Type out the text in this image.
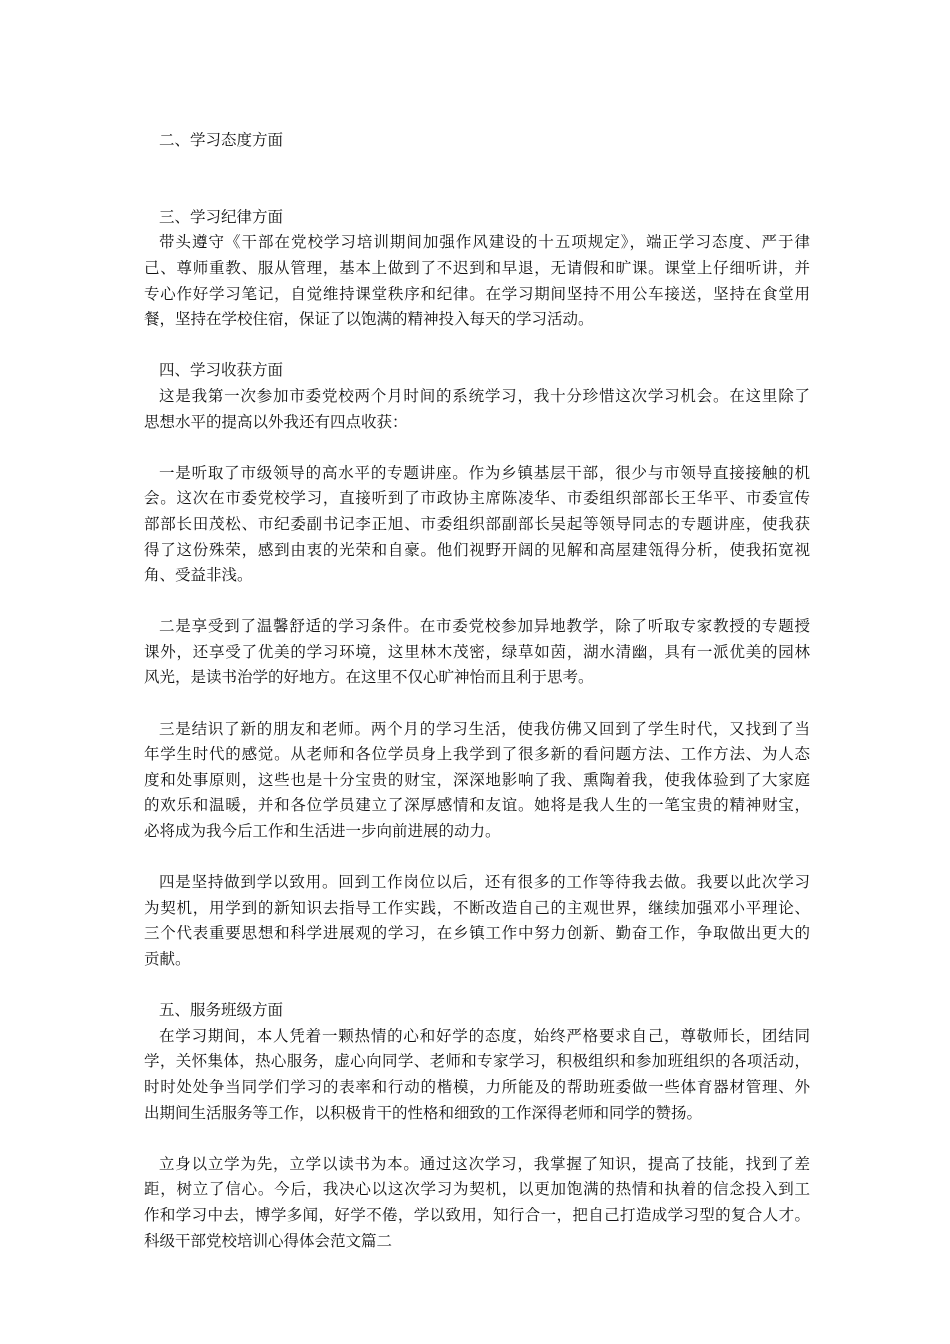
二、学习态度方面
三、学习纪律方面
带头遵守《干部在党校学习培训期间加强作风建设的十五项规定》，端正学习态度、严于律
己、尊师重教、服从管理，基本上做到了不迟到和早退，无请假和旷课。课堂上仔细听讲，并
专心作好学习笔记，自觉维持课堂秩序和纪律。在学习期间坚持不用公车接送，坚持在食堂用
餐，坚持在学校住宿，保证了以饱满的精神投入每天的学习活动。
四、学习收获方面
这是我第一次参加市委党校两个月时间的系统学习，我十分珍惜这次学习机会。在这里除了
思想水平的提高以外我还有四点收获：
一是听取了市级领导的高水平的专题讲座。作为乡镇基层干部，很少与市领导直接接触的机
会。这次在市委党校学习，直接听到了市政协主席陈凌华、市委组织部部长王华平、市委宣传
部部长田茂松、市纪委副书记李正旭、市委组织部副部长吴起等领导同志的专题讲座，使我获
得了这份殊荣，感到由衷的光荣和自豪。他们视野开阔的见解和高屋建瓴得分析，使我拓宽视
角、受益非浅。
二是享受到了温馨舒适的学习条件。在市委党校参加异地教学，除了听取专家教授的专题授
课外，还享受了优美的学习环境，这里林木茂密，绿草如茵，湖水清幽，具有一派优美的园林
风光，是读书治学的好地方。在这里不仅心旷神怡而且利于思考。
三是结识了新的朋友和老师。两个月的学习生活，使我仿佛又回到了学生时代，又找到了当
年学生时代的感觉。从老师和各位学员身上我学到了很多新的看问题方法、工作方法、为人态
度和处事原则，这些也是十分宝贵的财宝，深深地影响了我、熏陶着我，使我体验到了大家庭
的欢乐和温暖，并和各位学员建立了深厚感情和友谊。她将是我人生的一笔宝贵的精神财宝，
必将成为我今后工作和生活进一步向前进展的动力。
四是坚持做到学以致用。回到工作岗位以后，还有很多的工作等待我去做。我要以此次学习
为契机，用学到的新知识去指导工作实践，不断改造自己的主观世界，继续加强邓小平理论、
三个代表重要思想和科学进展观的学习，在乡镇工作中努力创新、勤奋工作，争取做出更大的
贡献。
五、服务班级方面
在学习期间，本人凭着一颗热情的心和好学的态度，始终严格要求自己，尊敬师长，团结同
学，关怀集体，热心服务，虚心向同学、老师和专家学习，积极组织和参加班组织的各项活动，
时时处处争当同学们学习的表率和行动的楷模，力所能及的帮助班委做一些体育器材管理、外
出期间生活服务等工作，以积极肯干的性格和细致的工作深得老师和同学的赞扬。
立身以立学为先，立学以读书为本。通过这次学习，我掌握了知识，提高了技能，找到了差
距，树立了信心。今后，我决心以这次学习为契机，以更加饱满的热情和执着的信念投入到工
作和学习中去，博学多闻，好学不倦，学以致用，知行合一，把自己打造成学习型的复合人才。
科级干部党校培训心得体会范文篇二
